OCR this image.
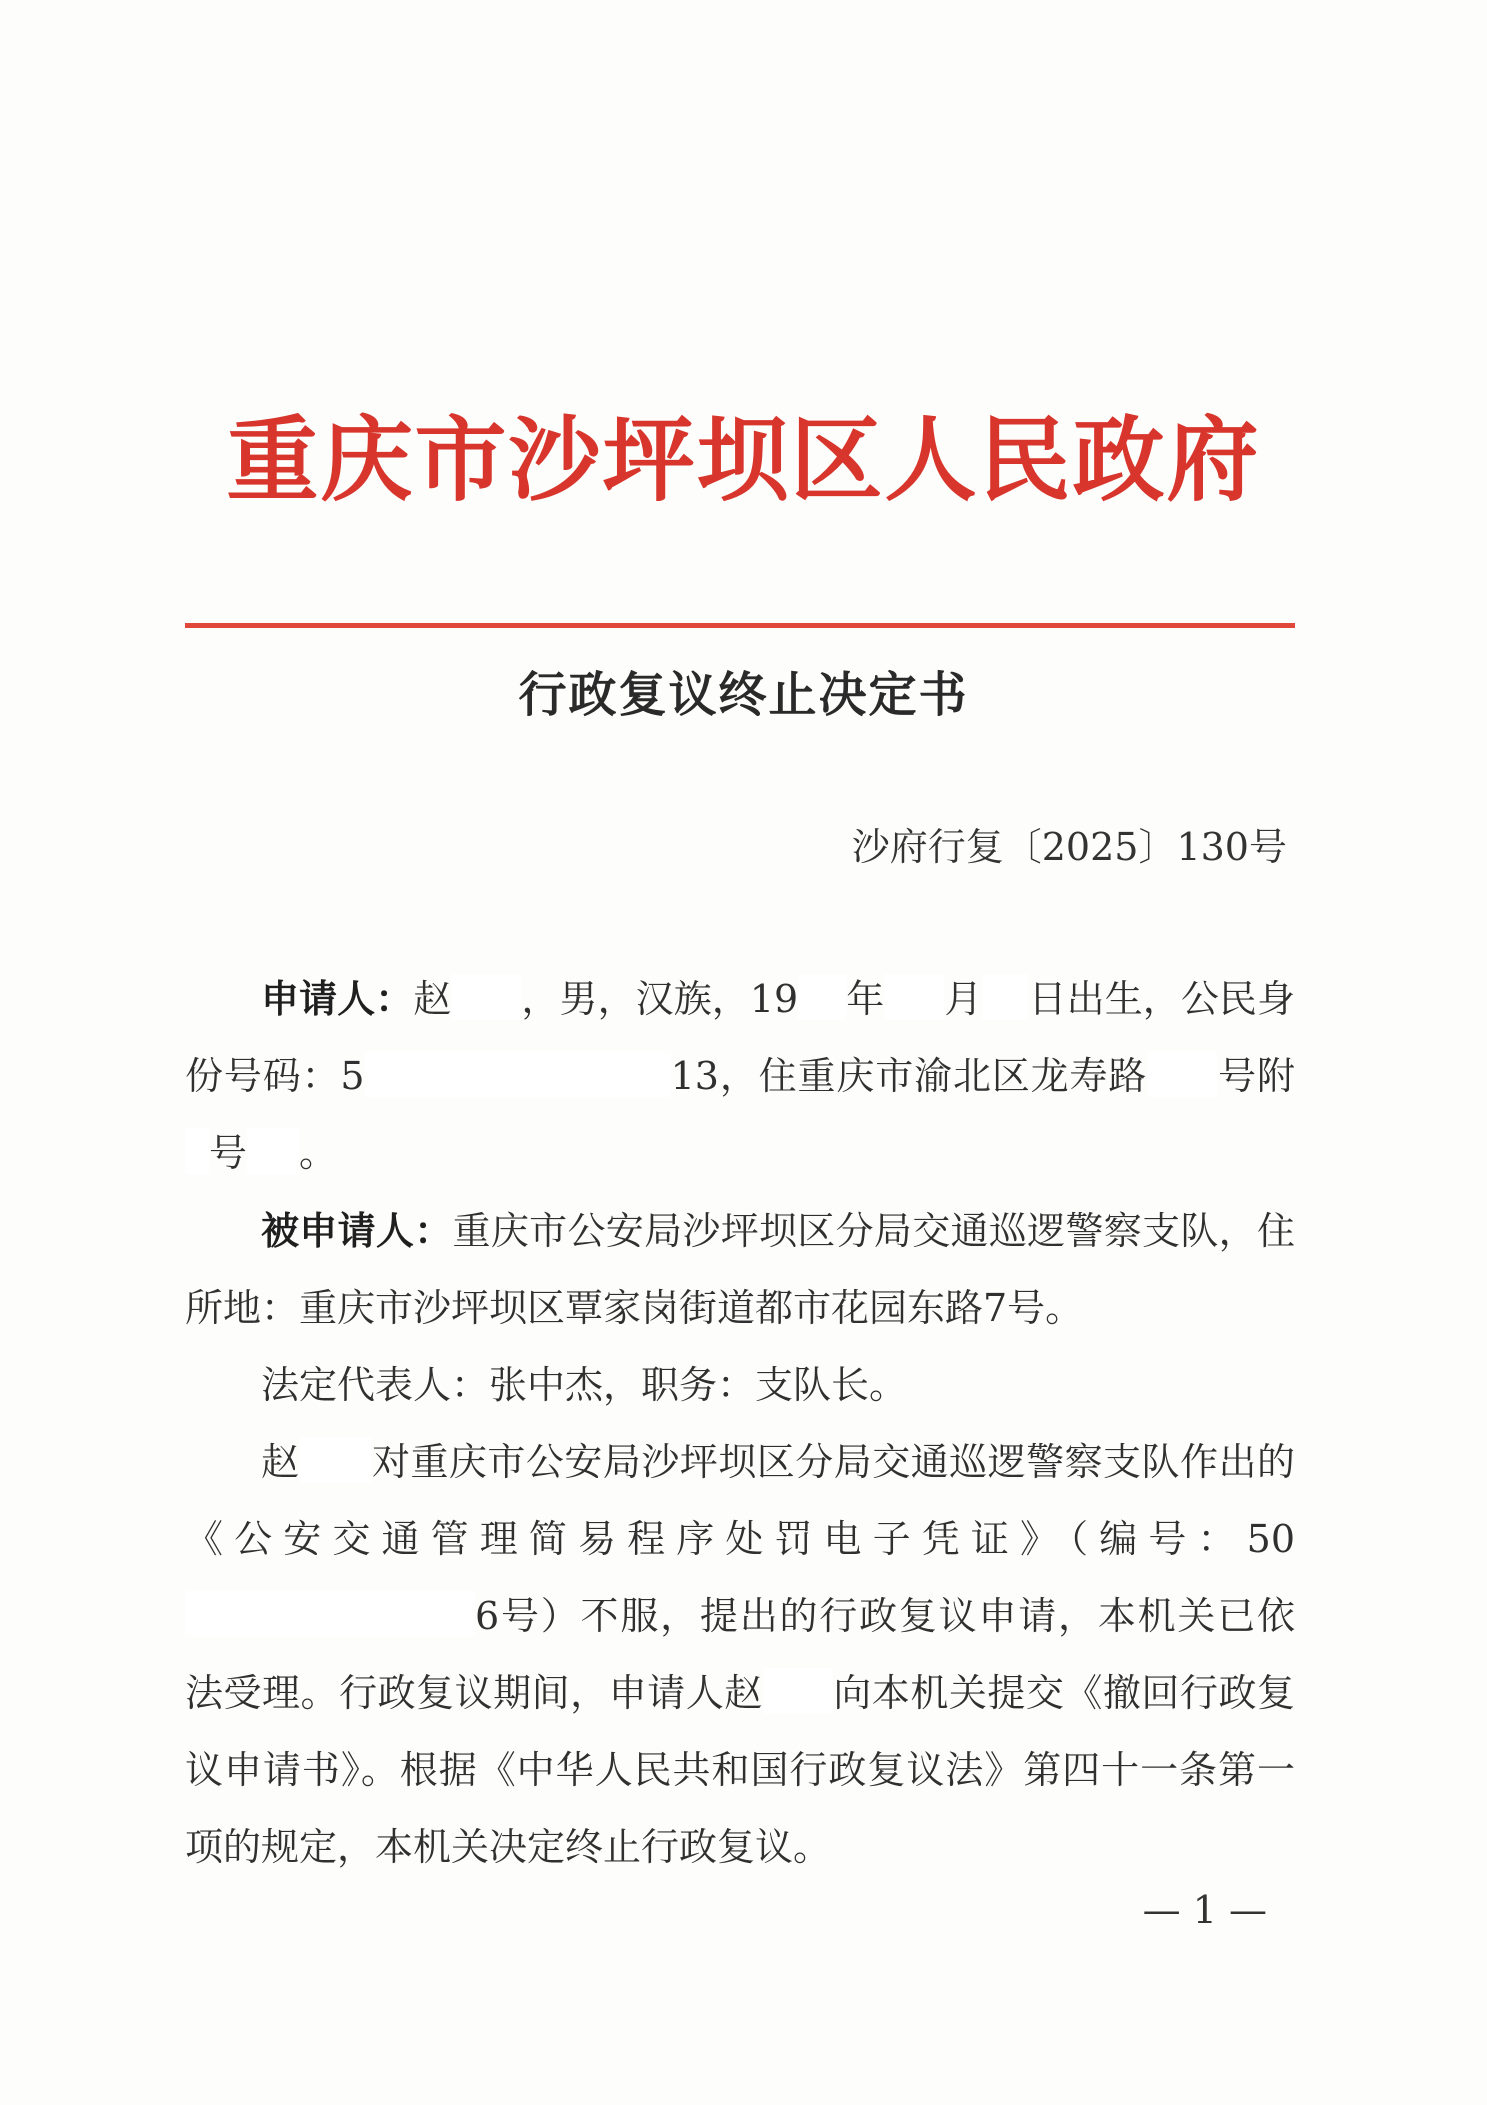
重庆市沙坪坝区人民政府
行政复议终止决定书
沙府行复〔2025〕130号

申请人：赵 ，男，汉族，19 年 月 日出生，公民身份号码：5	13，住重庆市渝北区龙寿路 号附号 。

被申请人：重庆市公安局沙坪坝区分局交通巡逻警察支队，住所地：重庆市沙坪坝区覃家岗街道都市花园东路7号。

法定代表人：张中杰，职务：支队长。

赵 对重庆市公安局沙坪坝区分局交通巡逻警察支队作出的《公安交通管理简易程序处罚电子凭证》（编号：506号）不服，提出的行政复议申请，本机关已依法受理。行政复议期间，申请人赵 向本机关提交《撤回行政复议申请书》。根据《中华人民共和国行政复议法》第四十一条第一项的规定，本机关决定终止行政复议。

— 1 —
